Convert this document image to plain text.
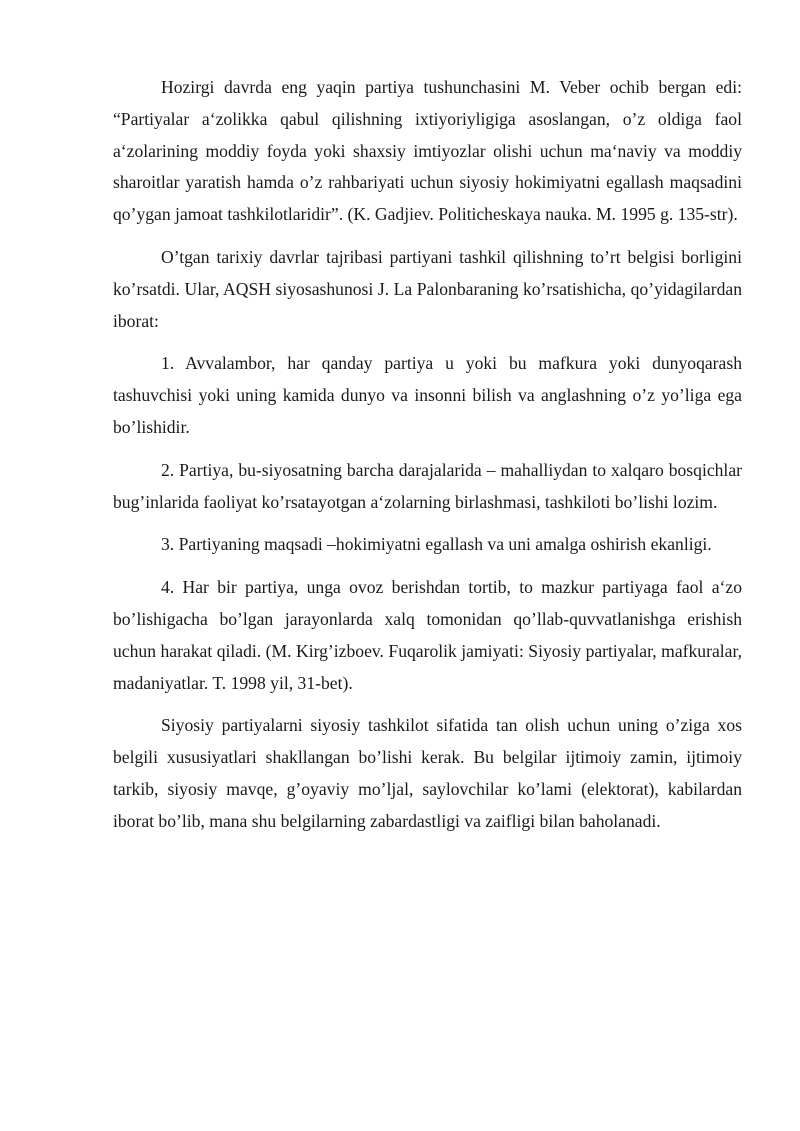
Hozirgi davrda eng yaqin partiya tushunchasini M. Veber ochib bergan edi: “Partiyalar a‘zolikka qabul qilishning ixtiyoriyligiga asoslangan, o’z oldiga faol a‘zolarining moddiy foyda yoki shaxsiy imtiyozlar olishi uchun ma‘naviy va moddiy sharoitlar yaratish hamda o’z rahbariyati uchun siyosiy hokimiyatni egallash maqsadini qo’ygan jamoat tashkilotlaridir”. (K. Gadjiev. Politicheskaya nauka. M. 1995 g. 135-str).

O’tgan tarixiy davrlar tajribasi partiyani tashkil qilishning to’rt belgisi borligini ko’rsatdi. Ular, AQSH siyosashunosi J. La Palonbaraning ko’rsatishicha, qo’yidagilardan iborat:

1. Avvalambor, har qanday partiya u yoki bu mafkura yoki dunyoqarash tashuvchisi yoki uning kamida dunyo va insonni bilish va anglashning o’z yo’liga ega bo’lishidir.

2. Partiya, bu-siyosatning barcha darajalarida – mahalliydan to xalqaro bosqichlar bug’inlarida faoliyat ko’rsatayotgan a‘zolarning birlashmasi, tashkiloti bo’lishi lozim.

3. Partiyaning maqsadi –hokimiyatni egallash va uni amalga oshirish ekanligi.

4. Har bir partiya, unga ovoz berishdan tortib, to mazkur partiyaga faol a‘zo bo’lishigacha bo’lgan jarayonlarda xalq tomonidan qo’llab-quvvatlanishga erishish uchun harakat qiladi. (M. Kirg’izboev. Fuqarolik jamiyati: Siyosiy partiyalar, mafkuralar, madaniyatlar. T. 1998 yil, 31-bet).

Siyosiy partiyalarni siyosiy tashkilot sifatida tan olish uchun uning o’ziga xos belgili xususiyatlari shakllangan bo’lishi kerak. Bu belgilar ijtimoiy zamin, ijtimoiy tarkib, siyosiy mavqe, g’oyaviy mo’ljal, saylovchilar ko’lami (elektorat), kabilardan iborat bo’lib, mana shu belgilarning zabardastligi va zaifligi bilan baholanadi.
